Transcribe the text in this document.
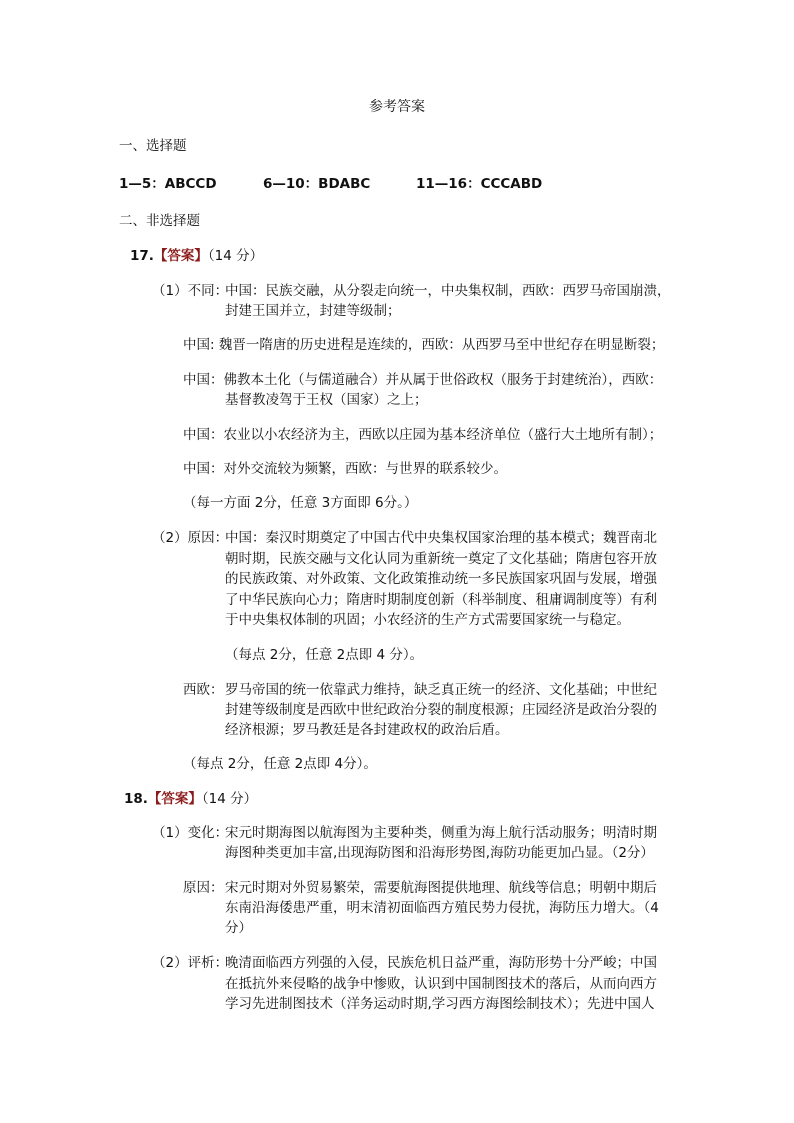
参考答案
一、选择题
1—5：ABCCD	6—10：BDABC	11—16：CCCABD
二、非选择题
17.【答案】（14 分）
（1）不同：
中国：民族交融，从分裂走向统一，中央集权制，西欧：西罗马帝国崩溃，
封建王国并立，封建等级制；
中国: 魏晋一隋唐的历史进程是连续的，西欧：从西罗马至中世纪存在明显断裂；
中国：佛教本土化（与儒道融合）并从属于世俗政权（服务于封建统治），西欧：
基督教凌驾于王权（国家）之上；
中国：农业以小农经济为主，西欧以庄园为基本经济单位（盛行大土地所有制）；
中国：对外交流较为频繁，西欧：与世界的联系较少。
（每一方面 2分，任意 3方面即 6分。）
（2）原因：
中国：秦汉时期奠定了中国古代中央集权国家治理的基本模式；魏晋南北
朝时期，民族交融与文化认同为重新统一奠定了文化基础；隋唐包容开放
的民族政策、对外政策、文化政策推动统一多民族国家巩固与发展，增强
了中华民族向心力；隋唐时期制度创新（科举制度、租庸调制度等）有利
于中央集权体制的巩固；小农经济的生产方式需要国家统一与稳定。
（每点 2分，任意 2点即 4 分）。
西欧： 罗马帝国的统一依靠武力维持，缺乏真正统一的经济、文化基础；中世纪
封建等级制度是西欧中世纪政治分裂的制度根源；庄园经济是政治分裂的
经济根源；罗马教廷是各封建政权的政治后盾。
（每点 2分，任意 2点即 4分）。
18.【答案】（14 分）
（1）变化：
宋元时期海图以航海图为主要种类，侧重为海上航行活动服务；明清时期
海图种类更加丰富,出现海防图和沿海形势图,海防功能更加凸显。（2分）
原因： 宋元时期对外贸易繁荣，需要航海图提供地理、航线等信息；明朝中期后
东南沿海倭患严重，明末清初面临西方殖民势力侵扰，海防压力增大。（4
分）
（2）评析：
晚清面临西方列强的入侵，民族危机日益严重，海防形势十分严峻；中国
在抵抗外来侵略的战争中惨败，认识到中国制图技术的落后，从而向西方
学习先进制图技术（洋务运动时期,学习西方海图绘制技术）；先进中国人
